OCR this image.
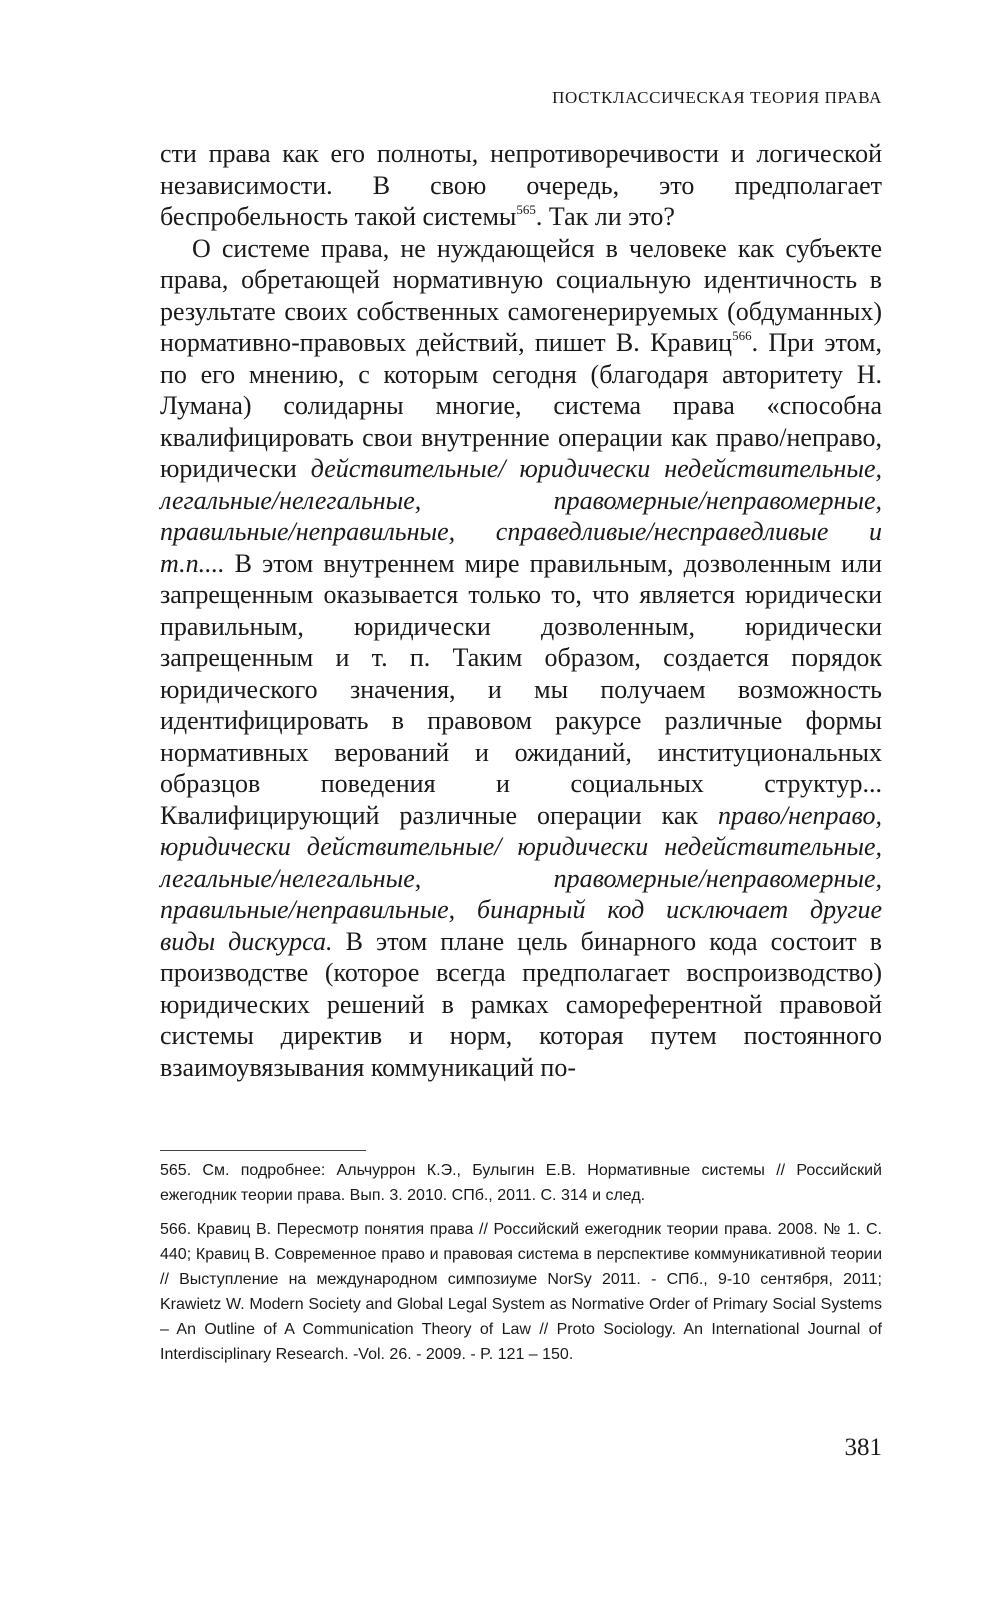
ПОСТКЛАССИЧЕСКАЯ ТЕОРИЯ ПРАВА

сти права как его полноты, непротиворечивости и логической независимости. В свою очередь, это предполагает беспробельность такой системы$^{565}$. Так ли это?

О системе права, не нуждающейся в человеке как субъекте права, обретающей нормативную социальную идентичность в результате своих собственных самогенерируемых (обдуманных) нормативно-правовых действий, пишет В. Кравиц$^{566}$. При этом, по его мнению, с которым сегодня (благодаря авторитету Н. Лумана) солидарны многие, система права «способна квалифицировать свои внутренние операции как право/неправо, юридически действительные/ юридически недействительные, легальные/нелегальные, правомерные/неправомерные, правильные/неправильные, справедливые/несправедливые и т.п.... В этом внутреннем мире правильным, дозволенным или запрещенным оказывается только то, что является юридически правильным, юридически дозволенным, юридически запрещенным и т. п. Таким образом, создается порядок юридического значения, и мы получаем возможность идентифицировать в правовом ракурсе различные формы нормативных верований и ожиданий, институциональных образцов поведения и социальных структур... Квалифицирующий различные операции как право/неправо, юридически действительные/ юридически недействительные, легальные/нелегальные, правомерные/неправомерные, правильные/неправильные, бинарный код исключает другие виды дискурса. В этом плане цель бинарного кода состоит в производстве (которое всегда предполагает воспроизводство) юридических решений в рамках самореферентной правовой системы директив и норм, которая путем постоянного взаимоувязывания коммуникаций по-

565. См. подробнее: Альчуррон К.Э., Булыгин Е.В. Нормативные системы // Российский ежегодник теории права. Вып. 3. 2010. СПб., 2011. С. 314 и след.

566. Кравиц В. Пересмотр понятия права // Российский ежегодник теории права. 2008. № 1. С. 440; Кравиц В. Современное право и правовая система в перспективе коммуникативной теории // Выступление на международном симпозиуме NorSy 2011. - СПб., 9-10 сентября, 2011; Krawietz W. Modern Society and Global Legal System as Normative Order of Primary Social Systems – An Outline of A Communication Theory of Law // Proto Sociology. An International Journal of Interdisciplinary Research. -Vol. 26. - 2009. - P. 121 – 150.

381
